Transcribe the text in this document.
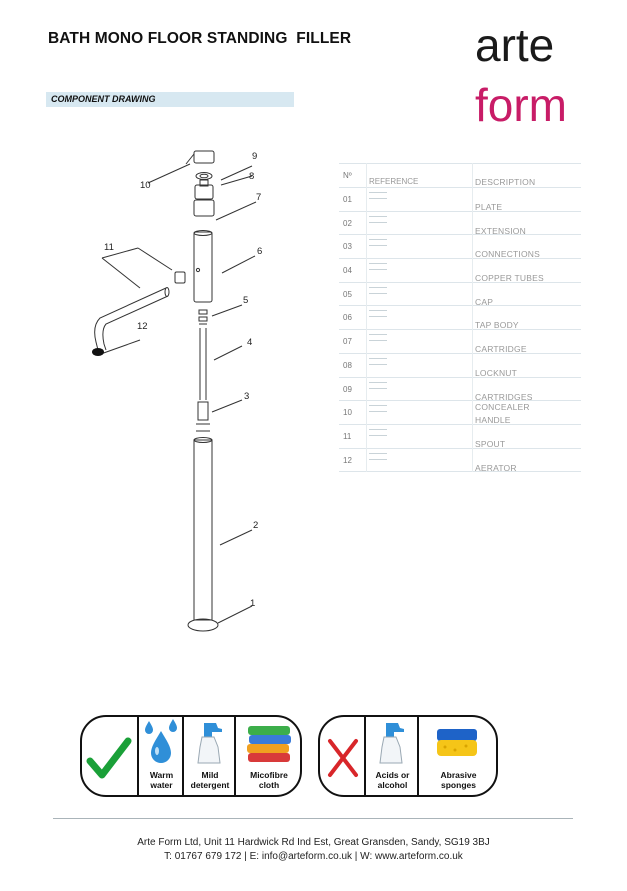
BATH MONO FLOOR STANDING  FILLER	arte
form
COMPONENT DRAWING
10
9
8
7
6
5
4
3
2
1
11
12
Nº
REFERENCE	DESCRIPTION
01
PLATE
02
EXTENSION
03
CONNECTIONS
04
COPPER TUBES
05
CAP
06
TAP BODY
07
CARTRIDGE
08
LOCKNUT
09
CARTRIDGES CONCEALER
10
HANDLE
11
SPOUT
12
AERATOR
Warm
water
Mild
detergent
Micofibre
cloth
Acids or
alcohol
Abrasive
sponges
Arte Form Ltd, Unit 11 Hardwick Rd Ind Est, Great Gransden, Sandy, SG19 3BJ
T: 01767 679 172 | E: info@arteform.co.uk | W: www.arteform.co.uk
